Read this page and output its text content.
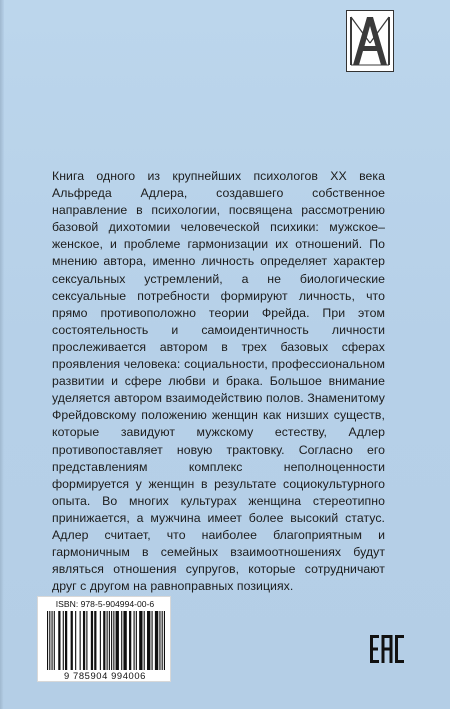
Книга одного из крупнейших психологов XX века Альфреда Адлера, создавшего собственное направление в психологии, посвящена рассмотрению базовой дихотомии человеческой психики: мужское–женское, и проблеме гармонизации их отношений. По мнению автора, именно личность определяет характер сексуальных устремлений, а не биологические сексуальные потребности формируют личность, что прямо противоположно теории Фрейда. При этом состоятельность и самоидентичность личности прослеживается автором в трех базовых сферах проявления человека: социальности, профессиональном развитии и сфере любви и брака. Большое внимание уделяется автором взаимодействию полов. Знаменитому Фрейдовскому положению женщин как низших существ, которые завидуют мужскому естеству, Адлер противопоставляет новую трактовку. Согласно его представлениям комплекс неполноценности формируется у женщин в результате социокультурного опыта. Во многих культурах женщина стереотипно принижается, а мужчина имеет более высокий статус. Адлер считает, что наиболее благоприятным и гармоничным в семейных взаимоотношениях будут являться отношения супругов, которые сотрудничают друг с другом на равноправных позициях.

ISBN: 978-5-904994-00-6
9 785904 994006
